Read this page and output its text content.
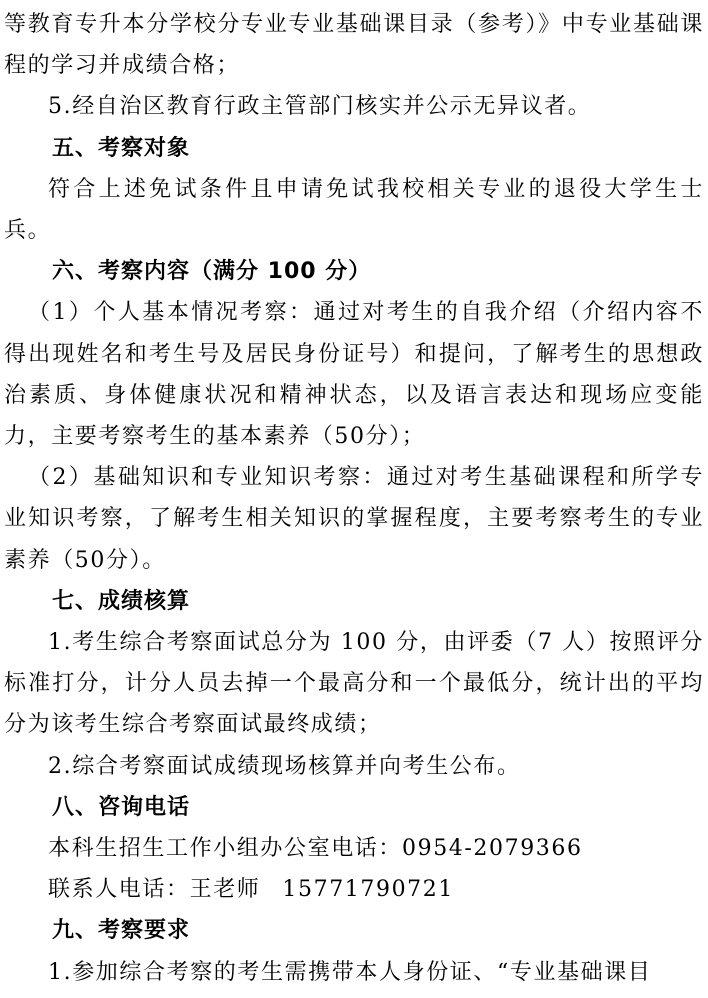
等教育专升本分学校分专业专业基础课目录（参考）》中专业基础课程的学习并成绩合格；

5.经自治区教育行政主管部门核实并公示无异议者。

五、考察对象

符合上述免试条件且申请免试我校相关专业的退役大学生士兵。

六、考察内容（满分 100 分）

（1）个人基本情况考察：通过对考生的自我介绍（介绍内容不得出现姓名和考生号及居民身份证号）和提问，了解考生的思想政治素质、身体健康状况和精神状态，以及语言表达和现场应变能力，主要考察考生的基本素养（50分）；

（2）基础知识和专业知识考察：通过对考生基础课程和所学专业知识考察，了解考生相关知识的掌握程度，主要考察考生的专业素养（50分）。

七、成绩核算

1.考生综合考察面试总分为 100 分，由评委（7 人）按照评分标准打分，计分人员去掉一个最高分和一个最低分，统计出的平均分为该考生综合考察面试最终成绩；

2.综合考察面试成绩现场核算并向考生公布。

八、咨询电话

本科生招生工作小组办公室电话：0954-2079366

联系人电话：王老师 15771790721

九、考察要求

1.参加综合考察的考生需携带本人身份证、“专业基础课目
